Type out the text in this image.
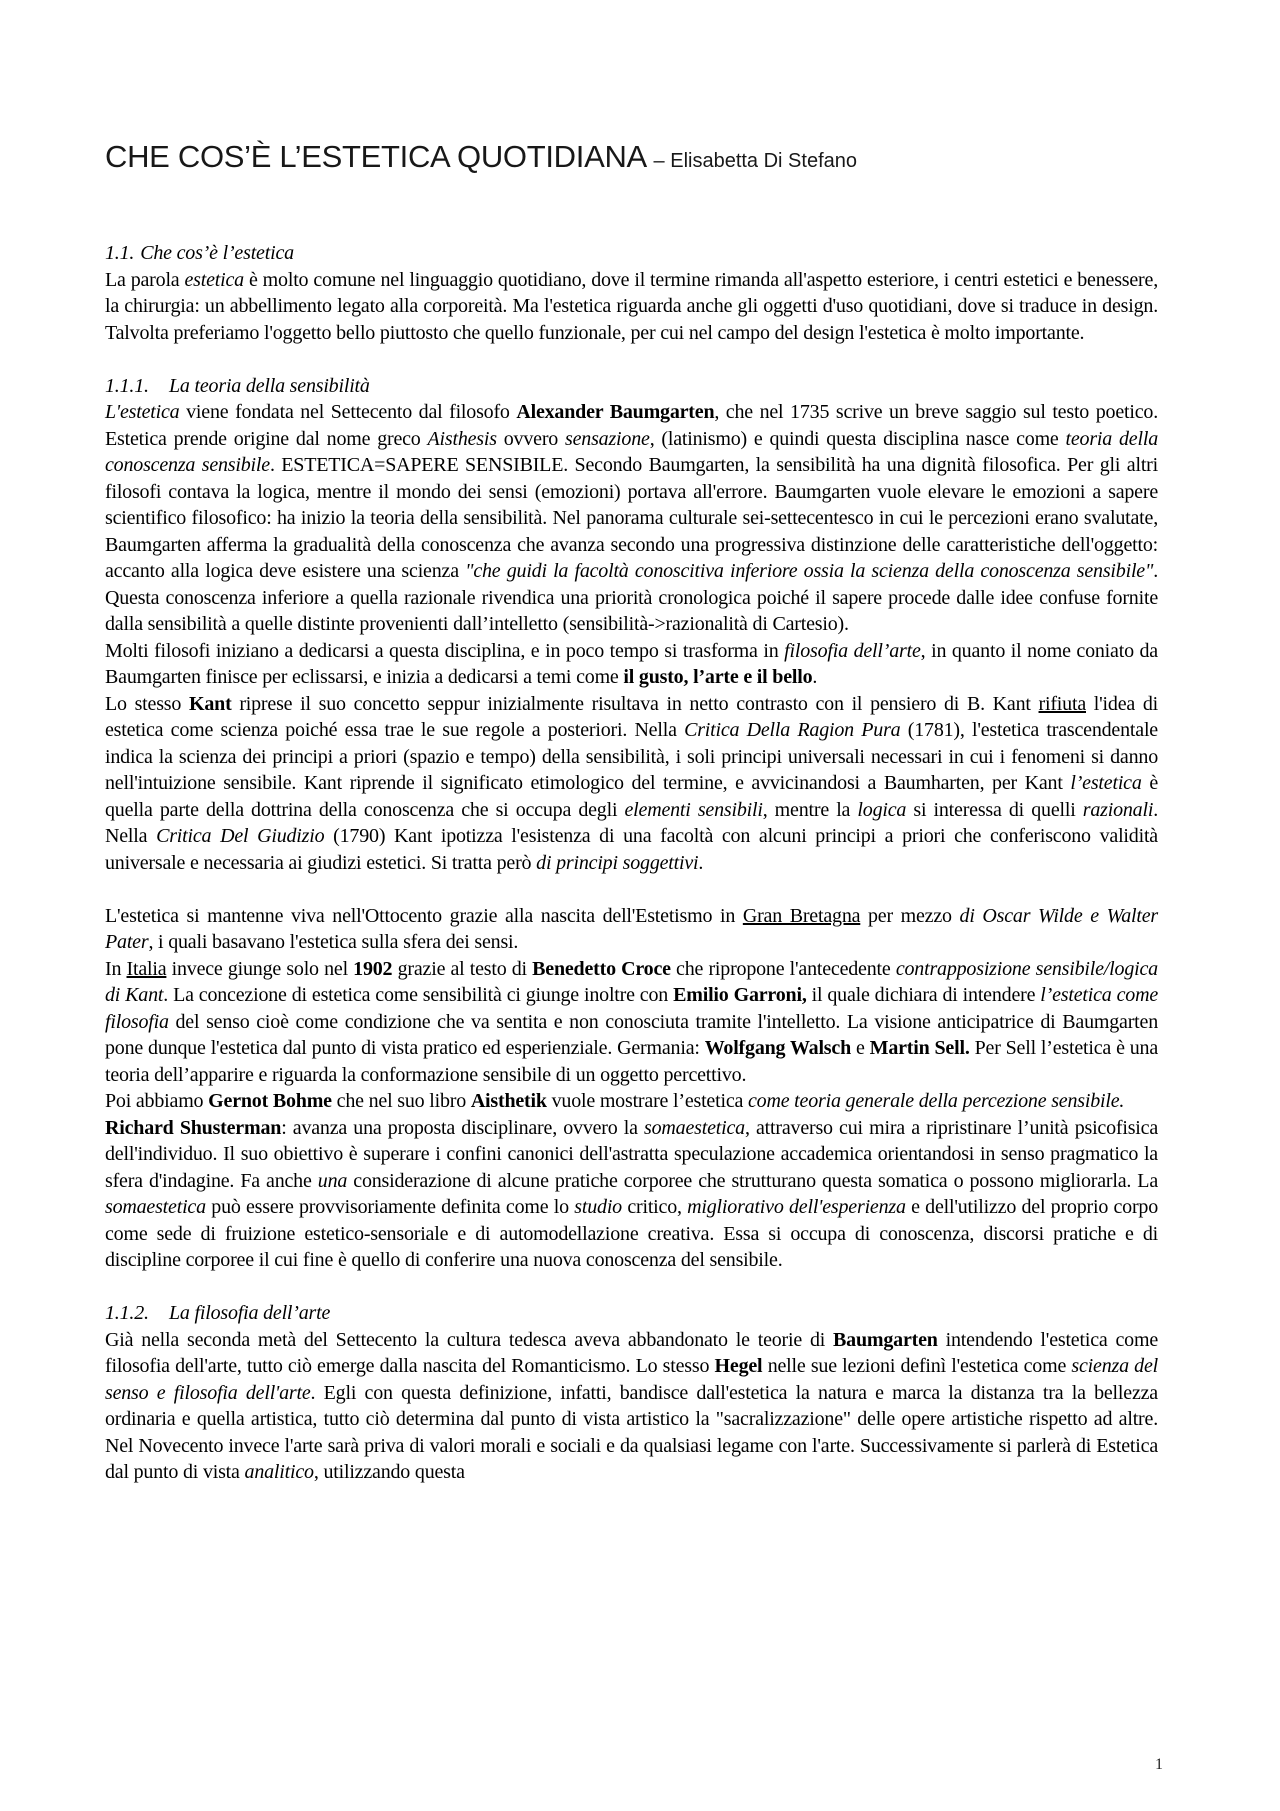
CHE COS’È L’ESTETICA QUOTIDIANA – Elisabetta Di Stefano
1.1. Che cos’è l’estetica

La parola estetica è molto comune nel linguaggio quotidiano, dove il termine rimanda all'aspetto esteriore, i centri estetici e benessere, la chirurgia: un abbellimento legato alla corporeità. Ma l'estetica riguarda anche gli oggetti d'uso quotidiani, dove si traduce in design. Talvolta preferiamo l'oggetto bello piuttosto che quello funzionale, per cui nel campo del design l'estetica è molto importante.

1.1.1. La teoria della sensibilità

L'estetica viene fondata nel Settecento dal filosofo Alexander Baumgarten, che nel 1735 scrive un breve saggio sul testo poetico. Estetica prende origine dal nome greco Aisthesis ovvero sensazione, (latinismo) e quindi questa disciplina nasce come teoria della conoscenza sensibile. ESTETICA=SAPERE SENSIBILE. Secondo Baumgarten, la sensibilità ha una dignità filosofica. Per gli altri filosofi contava la logica, mentre il mondo dei sensi (emozioni) portava all'errore. Baumgarten vuole elevare le emozioni a sapere scientifico filosofico: ha inizio la teoria della sensibilità. Nel panorama culturale sei-settecentesco in cui le percezioni erano svalutate, Baumgarten afferma la gradualità della conoscenza che avanza secondo una progressiva distinzione delle caratteristiche dell'oggetto: accanto alla logica deve esistere una scienza "che guidi la facoltà conoscitiva inferiore ossia la scienza della conoscenza sensibile". Questa conoscenza inferiore a quella razionale rivendica una priorità cronologica poiché il sapere procede dalle idee confuse fornite dalla sensibilità a quelle distinte provenienti dall’intelletto (sensibilità->razionalità di Cartesio).

Molti filosofi iniziano a dedicarsi a questa disciplina, e in poco tempo si trasforma in filosofia dell’arte, in quanto il nome coniato da Baumgarten finisce per eclissarsi, e inizia a dedicarsi a temi come il gusto, l’arte e il bello.

Lo stesso Kant riprese il suo concetto seppur inizialmente risultava in netto contrasto con il pensiero di B. Kant rifiuta l'idea di estetica come scienza poiché essa trae le sue regole a posteriori. Nella Critica Della Ragion Pura (1781), l'estetica trascendentale indica la scienza dei principi a priori (spazio e tempo) della sensibilità, i soli principi universali necessari in cui i fenomeni si danno nell'intuizione sensibile. Kant riprende il significato etimologico del termine, e avvicinandosi a Baumharten, per Kant l’estetica è quella parte della dottrina della conoscenza che si occupa degli elementi sensibili, mentre la logica si interessa di quelli razionali. Nella Critica Del Giudizio (1790) Kant ipotizza l'esistenza di una facoltà con alcuni principi a priori che conferiscono validità universale e necessaria ai giudizi estetici. Si tratta però di principi soggettivi.

L'estetica si mantenne viva nell'Ottocento grazie alla nascita dell'Estetismo in Gran Bretagna per mezzo di Oscar Wilde e Walter Pater, i quali basavano l'estetica sulla sfera dei sensi.

In Italia invece giunge solo nel 1902 grazie al testo di Benedetto Croce che ripropone l'antecedente contrapposizione sensibile/logica di Kant. La concezione di estetica come sensibilità ci giunge inoltre con Emilio Garroni, il quale dichiara di intendere l’estetica come filosofia del senso cioè come condizione che va sentita e non conosciuta tramite l'intelletto. La visione anticipatrice di Baumgarten pone dunque l'estetica dal punto di vista pratico ed esperienziale. Germania: Wolfgang Walsch e Martin Sell. Per Sell l’estetica è una teoria dell’apparire e riguarda la conformazione sensibile di un oggetto percettivo.

Poi abbiamo Gernot Bohme che nel suo libro Aisthetik vuole mostrare l’estetica come teoria generale della percezione sensibile.

Richard Shusterman: avanza una proposta disciplinare, ovvero la somaestetica, attraverso cui mira a ripristinare l’unità psicofisica dell'individuo. Il suo obiettivo è superare i confini canonici dell'astratta speculazione accademica orientandosi in senso pragmatico la sfera d'indagine. Fa anche una considerazione di alcune pratiche corporee che strutturano questa somatica o possono migliorarla. La somaestetica può essere provvisoriamente definita come lo studio critico, migliorativo dell'esperienza e dell'utilizzo del proprio corpo come sede di fruizione estetico-sensoriale e di automodellazione creativa. Essa si occupa di conoscenza, discorsi pratiche e di discipline corporee il cui fine è quello di conferire una nuova conoscenza del sensibile.

1.1.2. La filosofia dell’arte

Già nella seconda metà del Settecento la cultura tedesca aveva abbandonato le teorie di Baumgarten intendendo l'estetica come filosofia dell'arte, tutto ciò emerge dalla nascita del Romanticismo. Lo stesso Hegel nelle sue lezioni definì l'estetica come scienza del senso e filosofia dell'arte. Egli con questa definizione, infatti, bandisce dall'estetica la natura e marca la distanza tra la bellezza ordinaria e quella artistica, tutto ciò determina dal punto di vista artistico la "sacralizzazione" delle opere artistiche rispetto ad altre. Nel Novecento invece l'arte sarà priva di valori morali e sociali e da qualsiasi legame con l'arte. Successivamente si parlerà di Estetica dal punto di vista analitico, utilizzando questa

1
